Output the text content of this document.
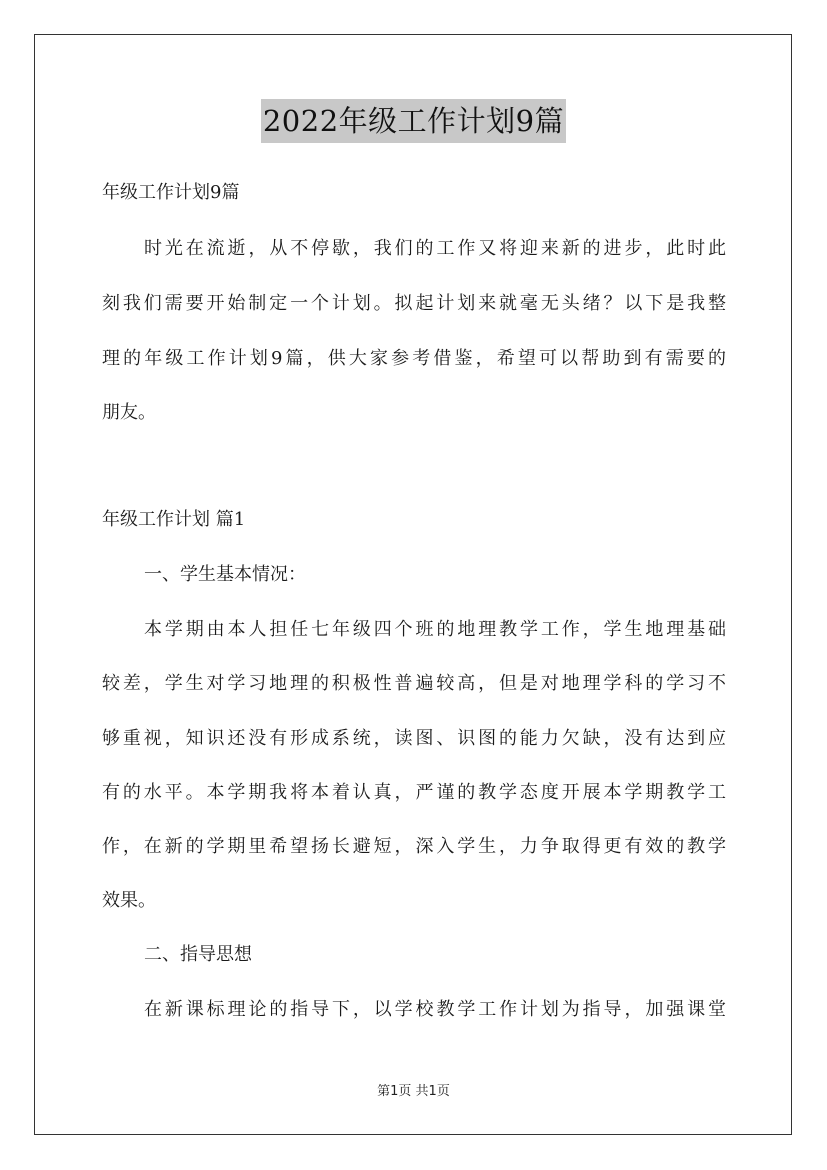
2022年级工作计划9篇
年级工作计划9篇
时光在流逝，从不停歇，我们的工作又将迎来新的进步，此时此
刻我们需要开始制定一个计划。拟起计划来就毫无头绪？以下是我整
理的年级工作计划9篇，供大家参考借鉴，希望可以帮助到有需要的
朋友。
年级工作计划 篇1
一、学生基本情况：
本学期由本人担任七年级四个班的地理教学工作，学生地理基础
较差，学生对学习地理的积极性普遍较高，但是对地理学科的学习不
够重视，知识还没有形成系统，读图、识图的能力欠缺，没有达到应
有的水平。本学期我将本着认真，严谨的教学态度开展本学期教学工
作，在新的学期里希望扬长避短，深入学生，力争取得更有效的教学
效果。
二、指导思想
在新课标理论的指导下，以学校教学工作计划为指导，加强课堂
第1页 共1页
